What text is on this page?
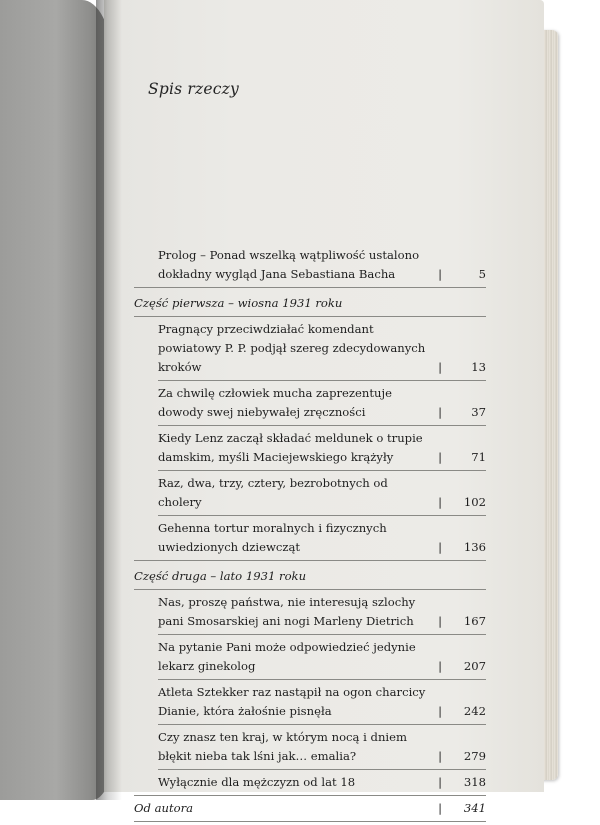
Spis rzeczy
Prolog – Ponad wszelką wątpliwość ustalono dokładny wygląd Jana Sebastiana Bacha	|	5
Część pierwsza – wiosna 1931 roku
Pragnący przeciwdziałać komendant powiatowy P. P. podjął szereg zdecydowanych kroków	|	13
Za chwilę człowiek mucha zaprezentuje dowody swej niebywałej zręczności	|	37
Kiedy Lenz zaczął składać meldunek o trupie damskim, myśli Maciejewskiego krążyły	|	71
Raz, dwa, trzy, cztery, bezrobotnych od cholery	|	102
Gehenna tortur moralnych i fizycznych uwiedzionych dziewcząt	|	136
Część druga – lato 1931 roku
Nas, proszę państwa, nie interesują szlochy pani Smosarskiej ani nogi Marleny Dietrich	|	167
Na pytanie Pani może odpowiedzieć jedynie lekarz ginekolog	|	207
Atleta Sztekker raz nastąpił na ogon charcicy Dianie, która żałośnie pisnęła	|	242
Czy znasz ten kraj, w którym nocą i dniem błękit nieba tak lśni jak… emalia?	|	279
Wyłącznie dla mężczyzn od lat 18	|	318
Od autora	|	341
